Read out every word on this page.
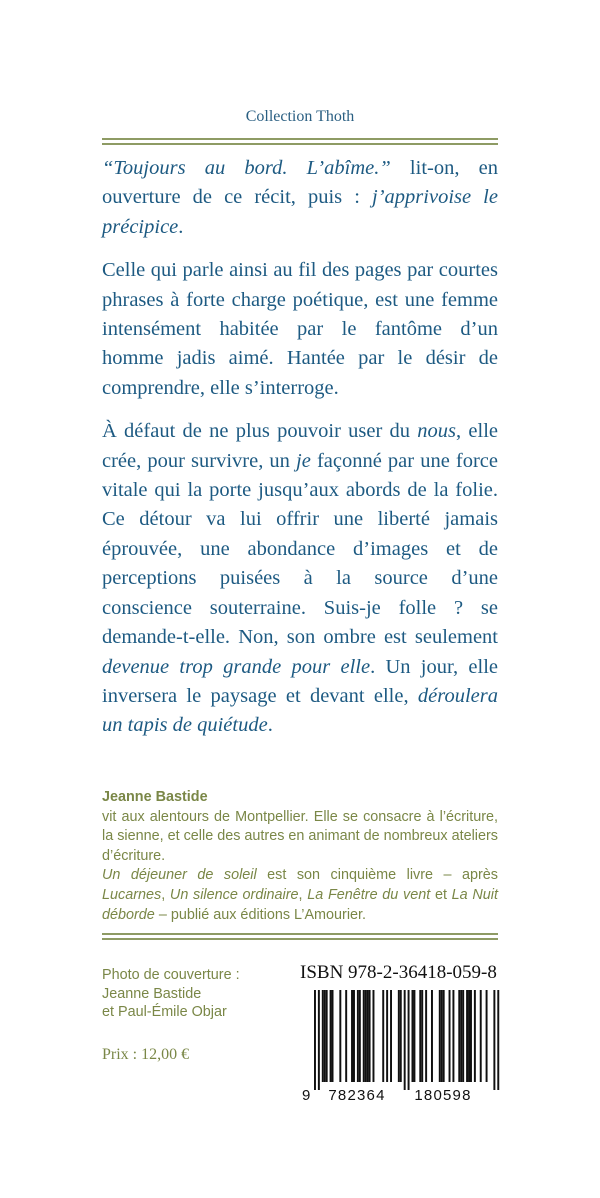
Collection Thoth

“Toujours au bord. L’abîme.” lit-on, en ouverture de ce récit, puis : j’apprivoise le précipice.

Celle qui parle ainsi au fil des pages par courtes phrases à forte charge poétique, est une femme intensément habitée par le fantôme d’un homme jadis aimé. Hantée par le désir de comprendre, elle s’interroge.

À défaut de ne plus pouvoir user du nous, elle crée, pour survivre, un je façonné par une force vitale qui la porte jusqu’aux abords de la folie. Ce détour va lui offrir une liberté jamais éprouvée, une abondance d’images et de perceptions puisées à la source d’une conscience souterraine. Suis-je folle ? se demande-t-elle. Non, son ombre est seulement devenue trop grande pour elle. Un jour, elle inversera le paysage et devant elle, déroulera un tapis de quiétude.

Jeanne Bastide
vit aux alentours de Montpellier. Elle se consacre à l’écriture, la sienne, et celle des autres en animant de nombreux ateliers d’écriture.
Un déjeuner de soleil est son cinquième livre – après Lucarnes, Un silence ordinaire, La Fenêtre du vent et La Nuit déborde – publié aux éditions L’Amourier.
Photo de couverture :
Jeanne Bastide
et Paul-Émile Objar
Prix : 12,00 €
ISBN 978-2-36418-059-8
9 782364 180598
